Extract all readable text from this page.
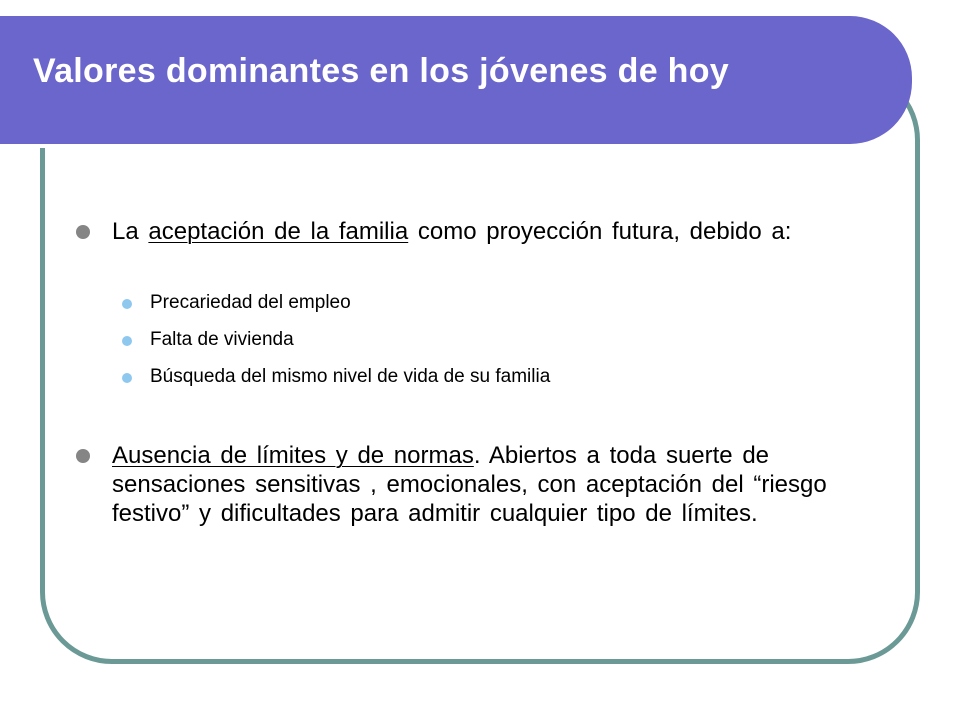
Valores dominantes en los jóvenes de hoy
La aceptación de la familia como proyección futura, debido a:
Precariedad del empleo
Falta de vivienda
Búsqueda del mismo nivel de vida de su familia
Ausencia de límites y de normas. Abiertos a toda suerte de sensaciones sensitivas , emocionales, con aceptación del “riesgo festivo” y dificultades para admitir cualquier tipo de límites.
